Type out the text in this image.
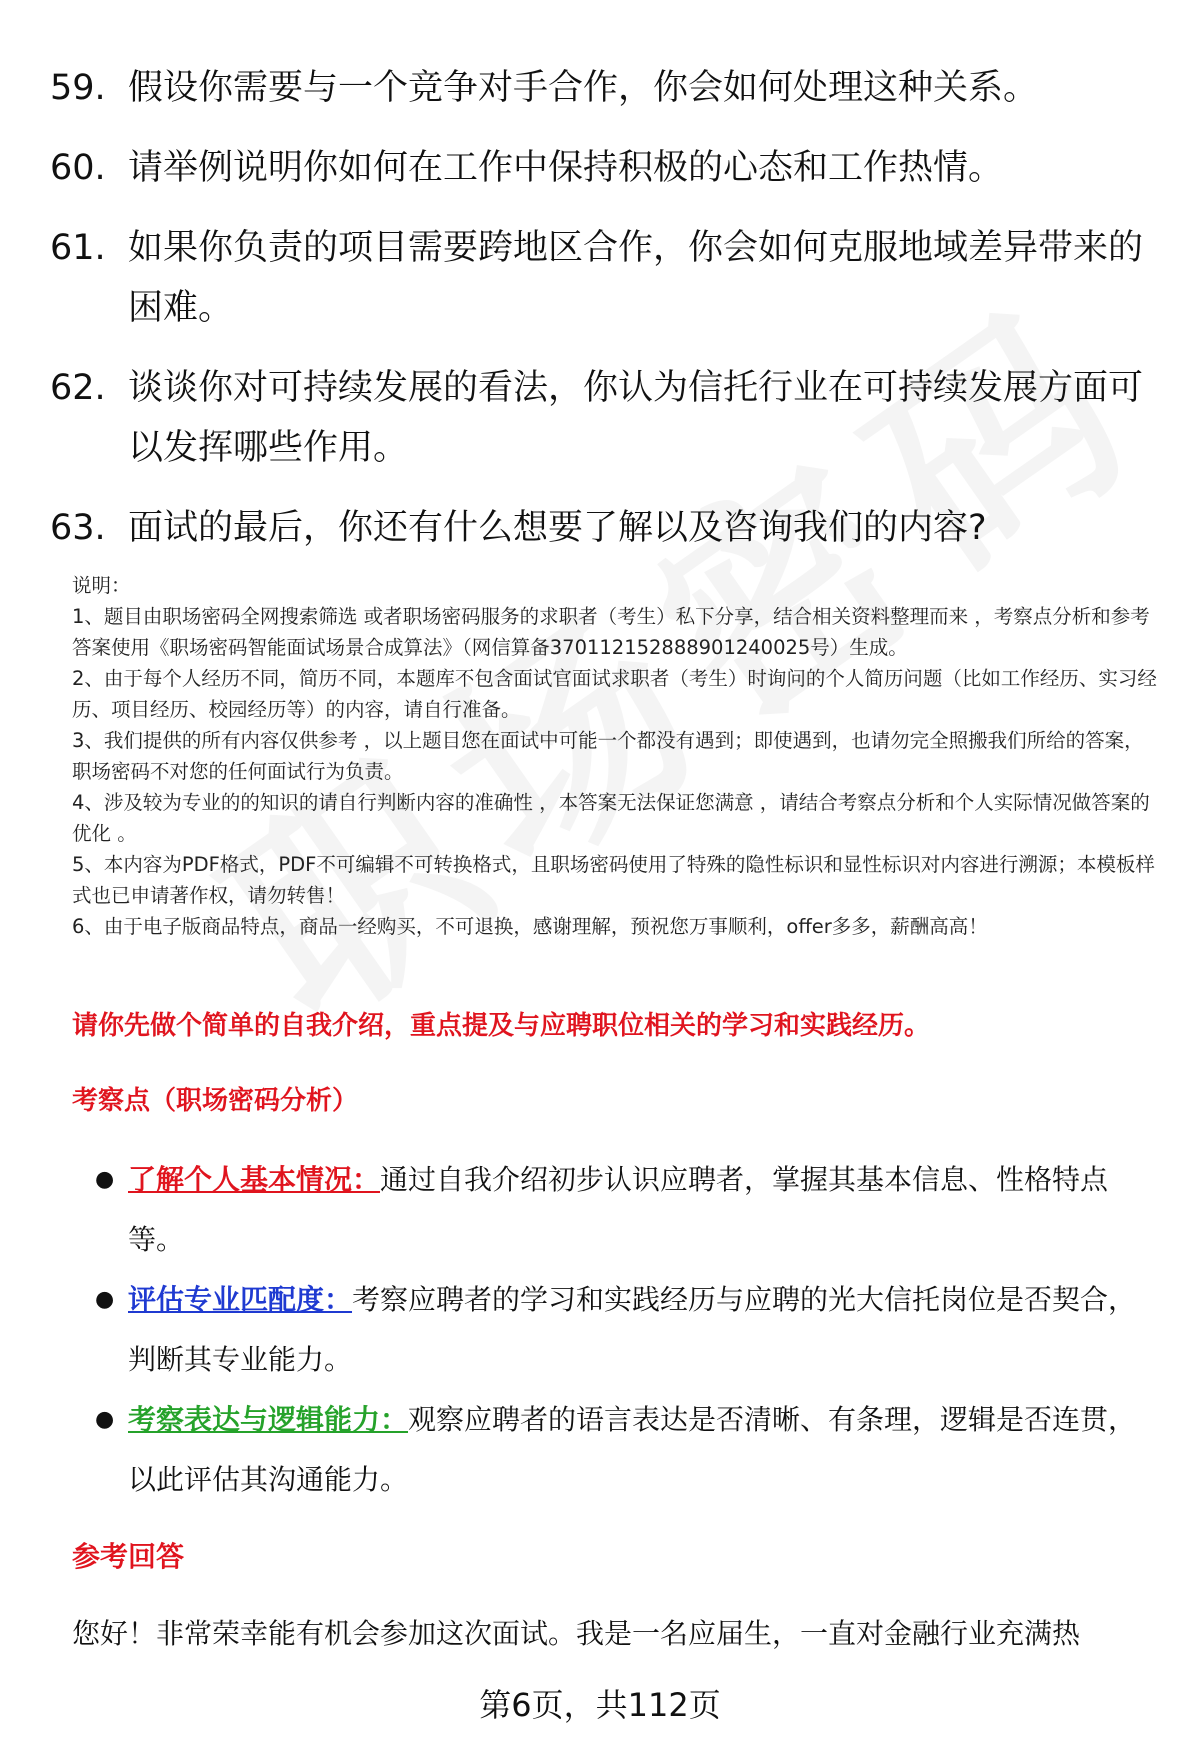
59. 假设你需要与一个竞争对手合作，你会如何处理这种关系。
60. 请举例说明你如何在工作中保持积极的心态和工作热情。
61. 如果你负责的项目需要跨地区合作，你会如何克服地域差异带来的困难。
62. 谈谈你对可持续发展的看法，你认为信托行业在可持续发展方面可以发挥哪些作用。
63. 面试的最后，你还有什么想要了解以及咨询我们的内容?

说明：

1、题目由职场密码全网搜索筛选 或者职场密码服务的求职者（考生）私下分享，结合相关资料整理而来 ，考察点分析和参考答案使用《职场密码智能面试场景合成算法》（网信算备370112152888901240025号）生成。

2、由于每个人经历不同，简历不同，本题库不包含面试官面试求职者（考生）时询问的个人简历问题（比如工作经历、实习经历、项目经历、校园经历等）的内容，请自行准备。

3、我们提供的所有内容仅供参考 ，以上题目您在面试中可能一个都没有遇到；即使遇到，也请勿完全照搬我们所给的答案，职场密码不对您的任何面试行为负责。

4、涉及较为专业的的知识的请自行判断内容的准确性 ，本答案无法保证您满意 ，请结合考察点分析和个人实际情况做答案的优化 。

5、本内容为PDF格式，PDF不可编辑不可转换格式，且职场密码使用了特殊的隐性标识和显性标识对内容进行溯源；本模板样式也已申请著作权，请勿转售！

6、由于电子版商品特点，商品一经购买，不可退换，感谢理解，预祝您万事顺利，offer多多，薪酬高高！

请你先做个简单的自我介绍，重点提及与应聘职位相关的学习和实践经历。
考察点（职场密码分析）
● 了解个人基本情况：通过自我介绍初步认识应聘者，掌握其基本信息、性格特点等。
● 评估专业匹配度：考察应聘者的学习和实践经历与应聘的光大信托岗位是否契合，判断其专业能力。
● 考察表达与逻辑能力：观察应聘者的语言表达是否清晰、有条理，逻辑是否连贯，以此评估其沟通能力。
参考回答
您好！非常荣幸能有机会参加这次面试。我是一名应届生，一直对金融行业充满热
第6页，共112页
